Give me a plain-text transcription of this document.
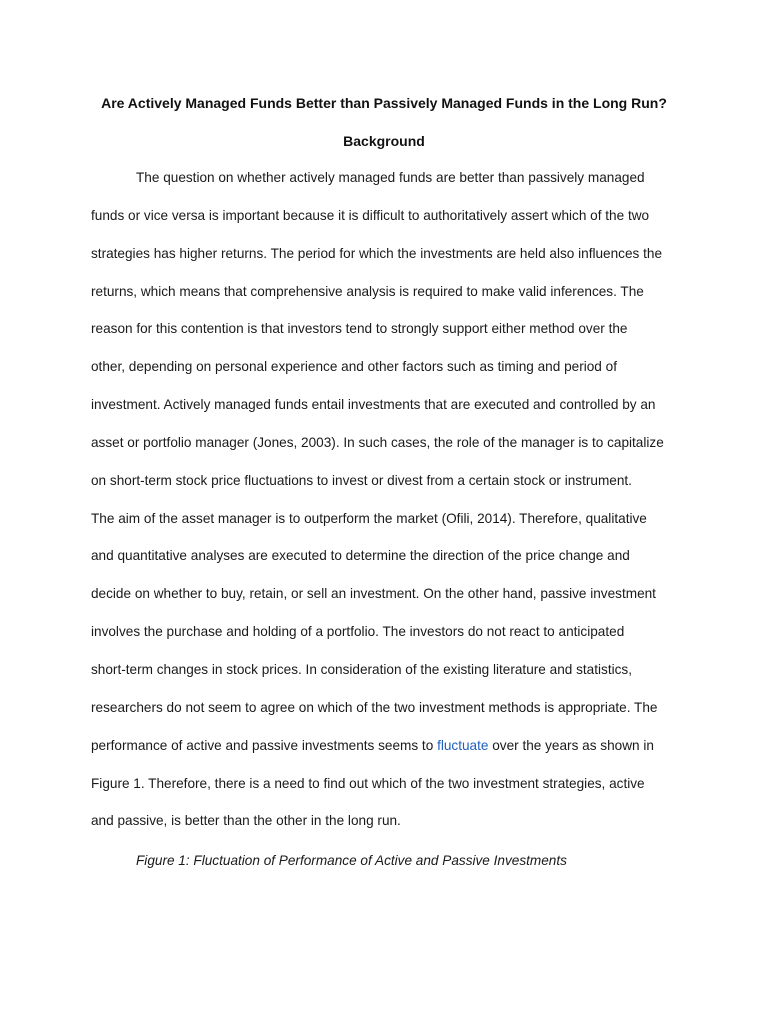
Are Actively Managed Funds Better than Passively Managed Funds in the Long Run?
Background
The question on whether actively managed funds are better than passively managed
funds or vice versa is important because it is difficult to authoritatively assert which of the two
strategies has higher returns. The period for which the investments are held also influences the
returns, which means that comprehensive analysis is required to make valid inferences. The
reason for this contention is that investors tend to strongly support either method over the
other, depending on personal experience and other factors such as timing and period of
investment. Actively managed funds entail investments that are executed and controlled by an
asset or portfolio manager (Jones, 2003). In such cases, the role of the manager is to capitalize
on short-term stock price fluctuations to invest or divest from a certain stock or instrument.
The aim of the asset manager is to outperform the market (Ofili, 2014). Therefore, qualitative
and quantitative analyses are executed to determine the direction of the price change and
decide on whether to buy, retain, or sell an investment. On the other hand, passive investment
involves the purchase and holding of a portfolio. The investors do not react to anticipated
short-term changes in stock prices. In consideration of the existing literature and statistics,
researchers do not seem to agree on which of the two investment methods is appropriate. The
performance of active and passive investments seems to fluctuate over the years as shown in
Figure 1. Therefore, there is a need to find out which of the two investment strategies, active
and passive, is better than the other in the long run.
Figure 1: Fluctuation of Performance of Active and Passive Investments
